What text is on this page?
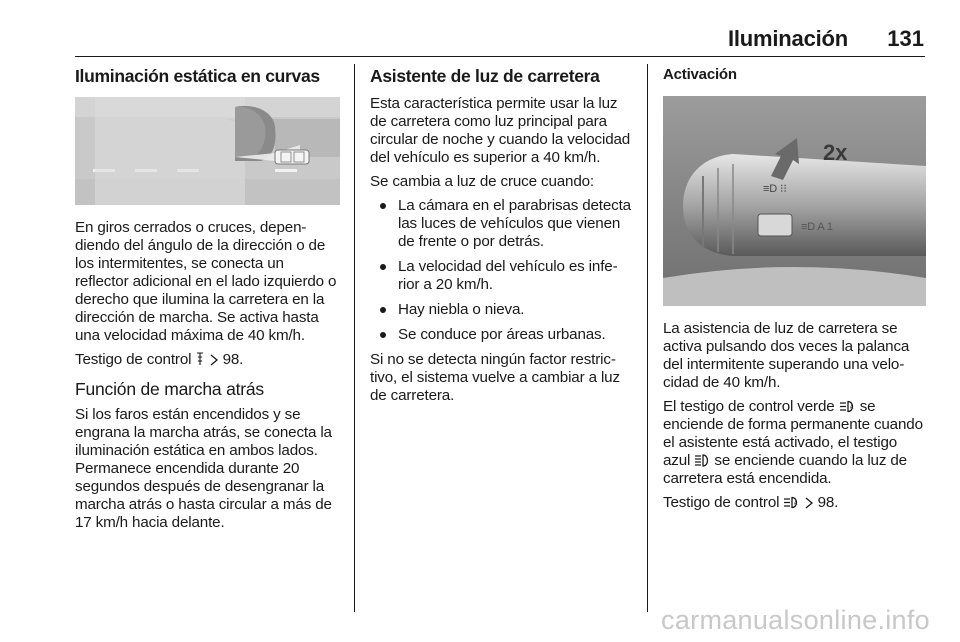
Iluminación 131
Iluminación estática en curvas

En giros cerrados o cruces, dependiendo del ángulo de la dirección o de los intermitentes, se conecta un reflector adicional en el lado izquierdo o derecho que ilumina la carretera en la dirección de marcha. Se activa hasta una velocidad máxima de 40 km/h.

Testigo de control 98.

Función de marcha atrás

Si los faros están encendidos y se engrana la marcha atrás, se conecta la iluminación estática en ambos lados. Permanece encendida durante 20 segundos después de desengranar la marcha atrás o hasta circular a más de 17 km/h hacia delante.

Asistente de luz de carretera

Esta característica permite usar la luz de carretera como luz principal para circular de noche y cuando la velocidad del vehículo es superior a 40 km/h.

Se cambia a luz de cruce cuando:

La cámara en el parabrisas detecta las luces de vehículos que vienen de frente o por detrás.
La velocidad del vehículo es inferior a 20 km/h.
Hay niebla o nieva.
Se conduce por áreas urbanas.

Si no se detecta ningún factor restrictivo, el sistema vuelve a cambiar a luz de carretera.

Activación
≡D A 1
≡D ⁝⁝
2x

La asistencia de luz de carretera se activa pulsando dos veces la palanca del intermitente superando una velocidad de 40 km/h.

El testigo de control verde	A se enciende de forma permanente cuando el asistente está activado, el testigo azul se enciende cuando la luz de carretera está encendida.

Testigo de control	A 98.

carmanualsonline.info
